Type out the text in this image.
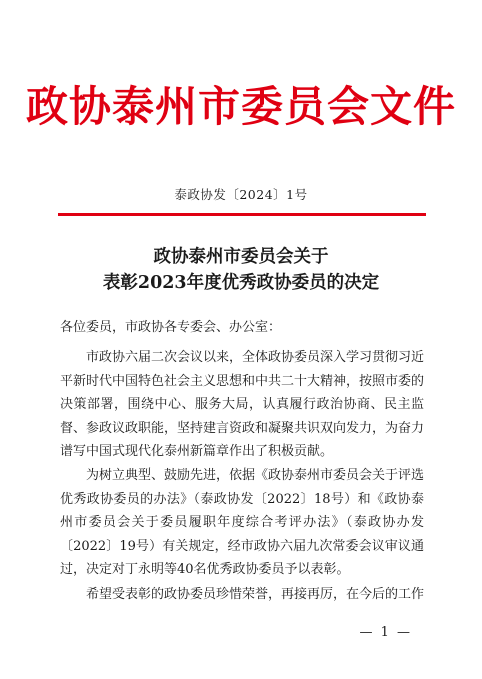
政协泰州市委员会文件
泰政协发〔2024〕1号
政协泰州市委员会关于
表彰2023年度优秀政协委员的决定
各位委员，市政协各专委会、办公室：

市政协六届二次会议以来，全体政协委员深入学习贯彻习近平新时代中国特色社会主义思想和中共二十大精神，按照市委的决策部署，围绕中心、服务大局，认真履行政治协商、民主监督、参政议政职能，坚持建言资政和凝聚共识双向发力，为奋力谱写中国式现代化泰州新篇章作出了积极贡献。

为树立典型、鼓励先进，依据《政协泰州市委员会关于评选优秀政协委员的办法》（泰政协发〔2022〕18号）和《政协泰州市委员会关于委员履职年度综合考评办法》（泰政协办发〔2022〕19号）有关规定，经市政协六届九次常委会议审议通过，决定对丁永明等40名优秀政协委员予以表彰。

希望受表彰的政协委员珍惜荣誉，再接再厉，在今后的工作

— 1 —
